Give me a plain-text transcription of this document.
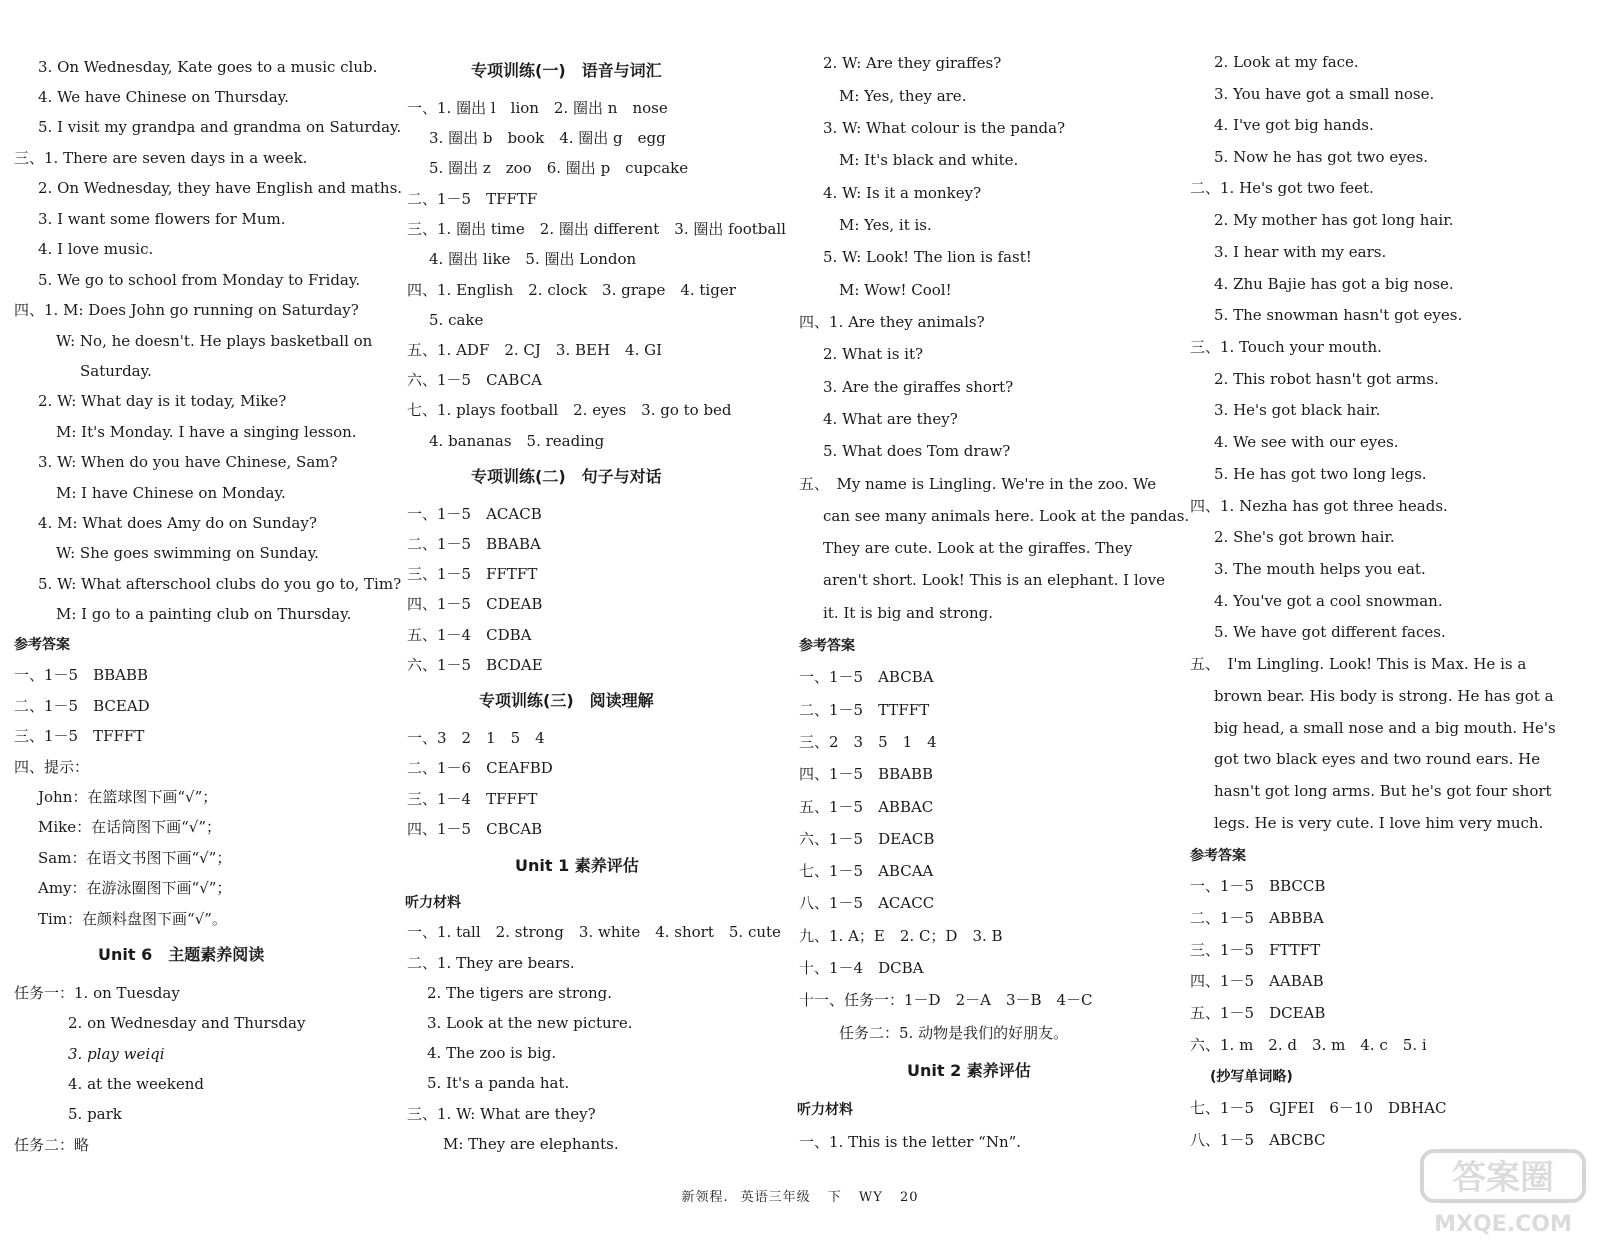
3. On Wednesday, Kate goes to a music club.
4. We have Chinese on Thursday.
5. I visit my grandpa and grandma on Saturday.
三、1. There are seven days in a week.
2. On Wednesday, they have English and maths.
3. I want some flowers for Mum.
4. I love music.
5. We go to school from Monday to Friday.
四、1. M: Does John go running on Saturday?
W: No, he doesn't. He plays basketball on
Saturday.
2. W: What day is it today, Mike?
M: It's Monday. I have a singing lesson.
3. W: When do you have Chinese, Sam?
M: I have Chinese on Monday.
4. M: What does Amy do on Sunday?
W: She goes swimming on Sunday.
5. W: What afterschool clubs do you go to, Tim?
M: I go to a painting club on Thursday.
参考答案
一、1－5　BBABB
二、1－5　BCEAD
三、1－5　TFFFT
四、提示：
John：在篮球图下画“√”；
Mike：在话筒图下画“√”；
Sam：在语文书图下画“√”；
Amy：在游泳圈图下画“√”；
Tim：在颜料盘图下画“√”。
Unit 6　主题素养阅读
任务一：1. on Tuesday
2. on Wednesday and Thursday
3. play weiqi
4. at the weekend
5. park
任务二：略
专项训练(一)　语音与词汇
一、1. 圈出 l　lion　2. 圈出 n　nose
3. 圈出 b　book　4. 圈出 g　egg
5. 圈出 z　zoo　6. 圈出 p　cupcake
二、1－5　TFFTF
三、1. 圈出 time　2. 圈出 different　3. 圈出 football
4. 圈出 like　5. 圈出 London
四、1. English　2. clock　3. grape　4. tiger
5. cake
五、1. ADF　2. CJ　3. BEH　4. GI
六、1－5　CABCA
七、1. plays football　2. eyes　3. go to bed
4. bananas　5. reading
专项训练(二)　句子与对话
一、1－5　ACACB
二、1－5　BBABA
三、1－5　FFTFT
四、1－5　CDEAB
五、1－4　CDBA
六、1－5　BCDAE
专项训练(三)　阅读理解
一、3　2　1　5　4
二、1－6　CEAFBD
三、1－4　TFFFT
四、1－5　CBCAB
Unit 1 素养评估
听力材料
一、1. tall　2. strong　3. white　4. short　5. cute
二、1. They are bears.
2. The tigers are strong.
3. Look at the new picture.
4. The zoo is big.
5. It's a panda hat.
三、1. W: What are they?
M: They are elephants.
2. W: Are they giraffes?
M: Yes, they are.
3. W: What colour is the panda?
M: It's black and white.
4. W: Is it a monkey?
M: Yes, it is.
5. W: Look! The lion is fast!
M: Wow! Cool!
四、1. Are they animals?
2. What is it?
3. Are the giraffes short?
4. What are they?
5. What does Tom draw?
五、　My name is Lingling. We're in the zoo. We
can see many animals here. Look at the pandas.
They are cute. Look at the giraffes. They
aren't short. Look! This is an elephant. I love
it. It is big and strong.
参考答案
一、1－5　ABCBA
二、1－5　TTFFT
三、2　3　5　1　4
四、1－5　BBABB
五、1－5　ABBAC
六、1－5　DEACB
七、1－5　ABCAA
八、1－5　ACACC
九、1. A；E　2. C；D　3. B
十、1－4　DCBA
十一、任务一：1－D　2－A　3－B　4－C
任务二：5. 动物是我们的好朋友。
Unit 2 素养评估
听力材料
一、1. This is the letter “Nn”.
2. Look at my face.
3. You have got a small nose.
4. I've got big hands.
5. Now he has got two eyes.
二、1. He's got two feet.
2. My mother has got long hair.
3. I hear with my ears.
4. Zhu Bajie has got a big nose.
5. The snowman hasn't got eyes.
三、1. Touch your mouth.
2. This robot hasn't got arms.
3. He's got black hair.
4. We see with our eyes.
5. He has got two long legs.
四、1. Nezha has got three heads.
2. She's got brown hair.
3. The mouth helps you eat.
4. You've got a cool snowman.
5. We have got different faces.
五、　I'm Lingling. Look! This is Max. He is a
brown bear. His body is strong. He has got a
big head, a small nose and a big mouth. He's
got two black eyes and two round ears. He
hasn't got long arms. But he's got four short
legs. He is very cute. I love him very much.
参考答案
一、1－5　BBCCB
二、1－5　ABBBA
三、1－5　FTTFT
四、1－5　AABAB
五、1－5　DCEAB
六、1. m　2. d　3. m　4. c　5. i
(抄写单词略)
七、1－5　GJFEI　6－10　DBHAC
八、1－5　ABCBC
新领程. 英语三年级 下 WY 20	答案圈
MXQE.COM
